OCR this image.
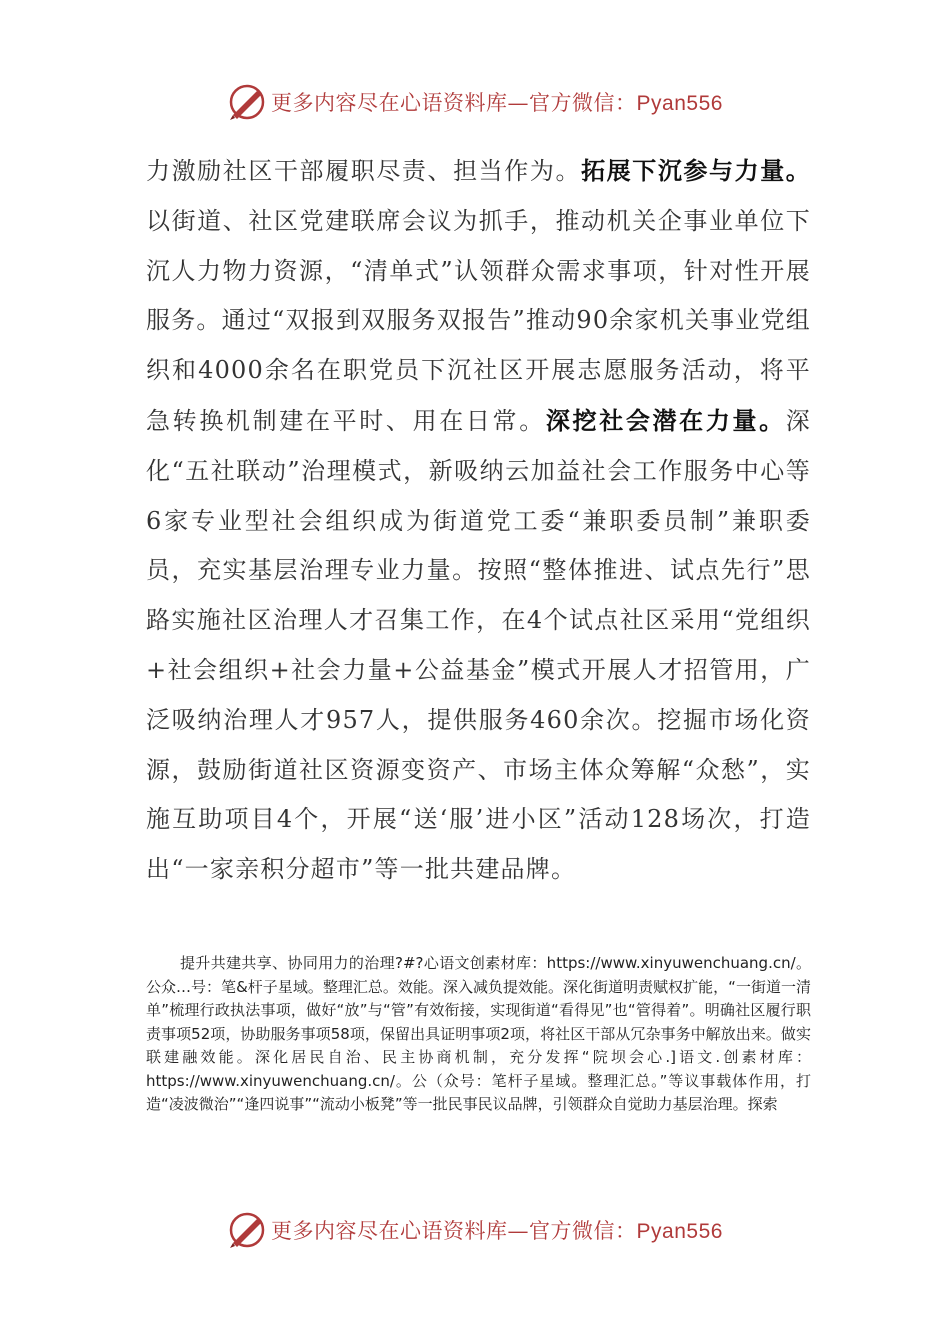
更多内容尽在心语资料库—官方微信：Pyan556
力激励社区干部履职尽责、担当作为。拓展下沉参与力量。以街道、社区党建联席会议为抓手，推动机关企事业单位下沉人力物力资源，“清单式”认领群众需求事项，针对性开展服务。通过“双报到双服务双报告”推动90余家机关事业党组织和4000余名在职党员下沉社区开展志愿服务活动，将平急转换机制建在平时、用在日常。深挖社会潜在力量。深化“五社联动”治理模式，新吸纳云加益社会工作服务中心等6家专业型社会组织成为街道党工委“兼职委员制”兼职委员，充实基层治理专业力量。按照“整体推进、试点先行”思路实施社区治理人才召集工作，在4个试点社区采用“党组织+社会组织+社会力量+公益基金”模式开展人才招管用，广泛吸纳治理人才957人，提供服务460余次。挖掘市场化资源，鼓励街道社区资源变资产、市场主体众筹解“众愁”，实施互助项目4个，开展“送‘服’进小区”活动128场次，打造出“一家亲积分超市”等一批共建品牌。
提升共建共享、协同用力的治理?#?心语文创素材库：https://www.xinyuwenchuang.cn/。公众…号：笔&杆子星域。整理汇总。效能。深入减负提效能。深化街道明责赋权扩能，“一街道一清单”梳理行政执法事项，做好“放”与“管”有效衔接，实现街道“看得见”也“管得着”。明确社区履行职责事项52项，协助服务事项58项，保留出具证明事项2项，将社区干部从冗杂事务中解放出来。做实联建融效能。深化居民自治、民主协商机制，充分发挥“院坝会心.]语文.创素材库：https://www.xinyuwenchuang.cn/。公（众号：笔杆子星域。整理汇总。”等议事载体作用，打造“凌波微治”“逢四说事”“流动小板凳”等一批民事民议品牌，引领群众自觉助力基层治理。探索
更多内容尽在心语资料库—官方微信：Pyan556
